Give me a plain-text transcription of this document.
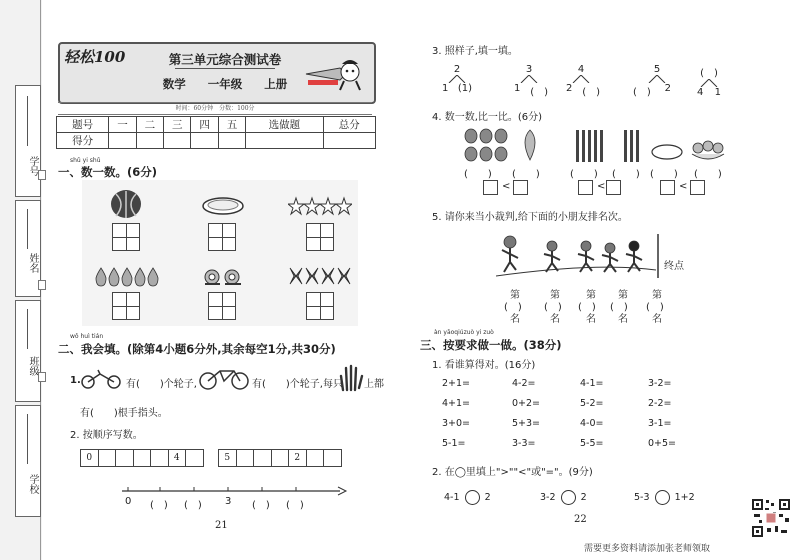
学号
姓名
班级
学校
轻松100	第三单元综合测试卷
数学 一年级 上册
时间：60分钟　分数：100分
题号	一	二	三	四	五	选做题	总分
得分							
shǔ yi shǔ
一、数一数。(6分)
wǒ huì tián
二、我会填。(除第4小题6分外,其余每空1分,共30分)
1.	有(　　)个轮子,	有(　　)个轮子,每只 上都
有(　　)根手指头。
2. 按顺序写数。
0	4	5	2
0 (　) (　) 3 (　) (　)
21
3. 照样子,填一填。
2
1 (1)
3
1 (　)
4
2 (　)
5
(　) 2
(　)
4 1
4. 数一数,比一比。(6分)
(　　) (　　)
<
(　　) (　　)
<
(　　) (　　)
<
5. 请你来当小裁判,给下面的小朋友排名次。
终点
第	第	第 第 第
(　) (　) (　) (　) (　)
名	名	名 名 名
àn yāoqiúzuò yi zuò
三、按要求做一做。(38分)
1. 看谁算得对。(16分)
2+1=	4-2=	4-1=	3-2=
4+1=	0+2=	5-2=	2-2=
3+0=	5+3=	4-0=	3-1=
5-1=	3-3=	5-5=	0+5=
2. 在◯里填上">""<"或"="。(9分)
4-1	2	3-2	2	5-3	1+2
22
需要更多资料请添加张老师领取
